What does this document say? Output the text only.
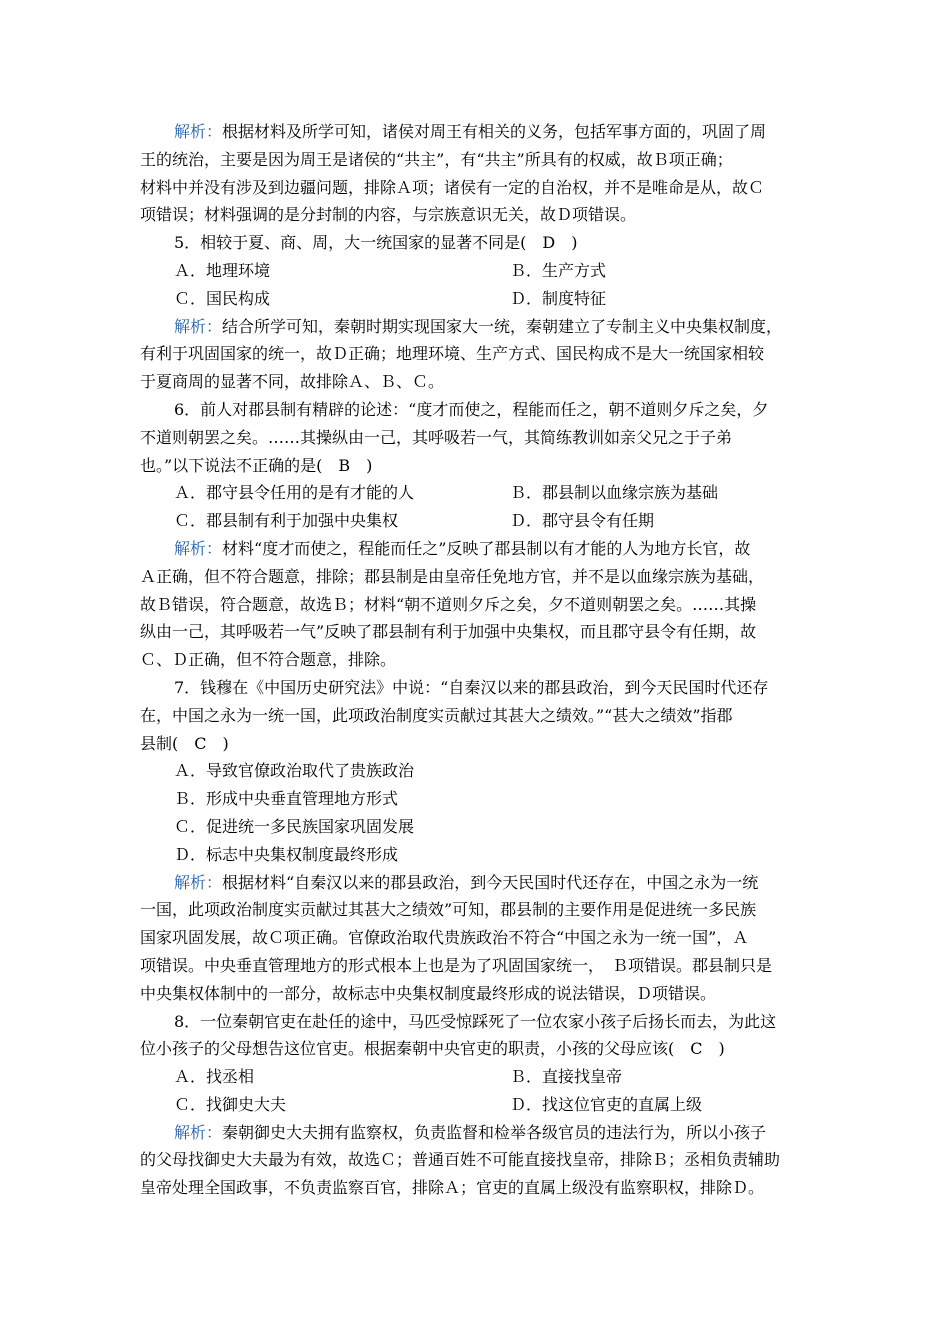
解析：根据材料及所学可知，诸侯对周王有相关的义务，包括军事方面的，巩固了周
王的统治，主要是因为周王是诸侯的“共主”，有“共主”所具有的权威，故Ｂ项正确；
材料中并没有涉及到边疆问题，排除Ａ项；诸侯有一定的自治权，并不是唯命是从，故Ｃ
项错误；材料强调的是分封制的内容，与宗族意识无关，故Ｄ项错误。
5．相较于夏、商、周，大一统国家的显著不同是(　D　)
Ａ．地理环境	Ｂ．生产方式
Ｃ．国民构成	Ｄ．制度特征
解析：结合所学可知，秦朝时期实现国家大一统，秦朝建立了专制主义中央集权制度，
有利于巩固国家的统一，故Ｄ正确；地理环境、生产方式、国民构成不是大一统国家相较
于夏商周的显著不同，故排除Ａ、Ｂ、Ｃ。
6．前人对郡县制有精辟的论述：“度才而使之，程能而任之，朝不道则夕斥之矣，夕
不道则朝罢之矣。……其操纵由一己，其呼吸若一气，其简练教训如亲父兄之于子弟
也。”以下说法不正确的是(　B　)
Ａ．郡守县令任用的是有才能的人	Ｂ．郡县制以血缘宗族为基础
Ｃ．郡县制有利于加强中央集权	Ｄ．郡守县令有任期
解析：材料“度才而使之，程能而任之”反映了郡县制以有才能的人为地方长官，故
Ａ正确，但不符合题意，排除；郡县制是由皇帝任免地方官，并不是以血缘宗族为基础，
故Ｂ错误，符合题意，故选Ｂ；材料“朝不道则夕斥之矣，夕不道则朝罢之矣。……其操
纵由一己，其呼吸若一气”反映了郡县制有利于加强中央集权，而且郡守县令有任期，故
Ｃ、Ｄ正确，但不符合题意，排除。
7．钱穆在《中国历史研究法》中说：“自秦汉以来的郡县政治，到今天民国时代还存
在，中国之永为一统一国，此项政治制度实贡献过其甚大之绩效。”“甚大之绩效”指郡
县制(　C　)
Ａ．导致官僚政治取代了贵族政治
Ｂ．形成中央垂直管理地方形式
Ｃ．促进统一多民族国家巩固发展
Ｄ．标志中央集权制度最终形成
解析：根据材料“自秦汉以来的郡县政治，到今天民国时代还存在，中国之永为一统
一国，此项政治制度实贡献过其甚大之绩效”可知，郡县制的主要作用是促进统一多民族
国家巩固发展，故Ｃ项正确。官僚政治取代贵族政治不符合“中国之永为一统一国”，Ａ
项错误。中央垂直管理地方的形式根本上也是为了巩固国家统一，　Ｂ项错误。郡县制只是
中央集权体制中的一部分，故标志中央集权制度最终形成的说法错误，Ｄ项错误。
8．一位秦朝官吏在赴任的途中，马匹受惊踩死了一位农家小孩子后扬长而去，为此这
位小孩子的父母想告这位官吏。根据秦朝中央官吏的职责，小孩的父母应该(　C　)
Ａ．找丞相	Ｂ．直接找皇帝
Ｃ．找御史大夫	Ｄ．找这位官吏的直属上级
解析：秦朝御史大夫拥有监察权，负责监督和检举各级官员的违法行为，所以小孩子
的父母找御史大夫最为有效，故选Ｃ；普通百姓不可能直接找皇帝，排除Ｂ；丞相负责辅助
皇帝处理全国政事，不负责监察百官，排除Ａ；官吏的直属上级没有监察职权，排除Ｄ。
